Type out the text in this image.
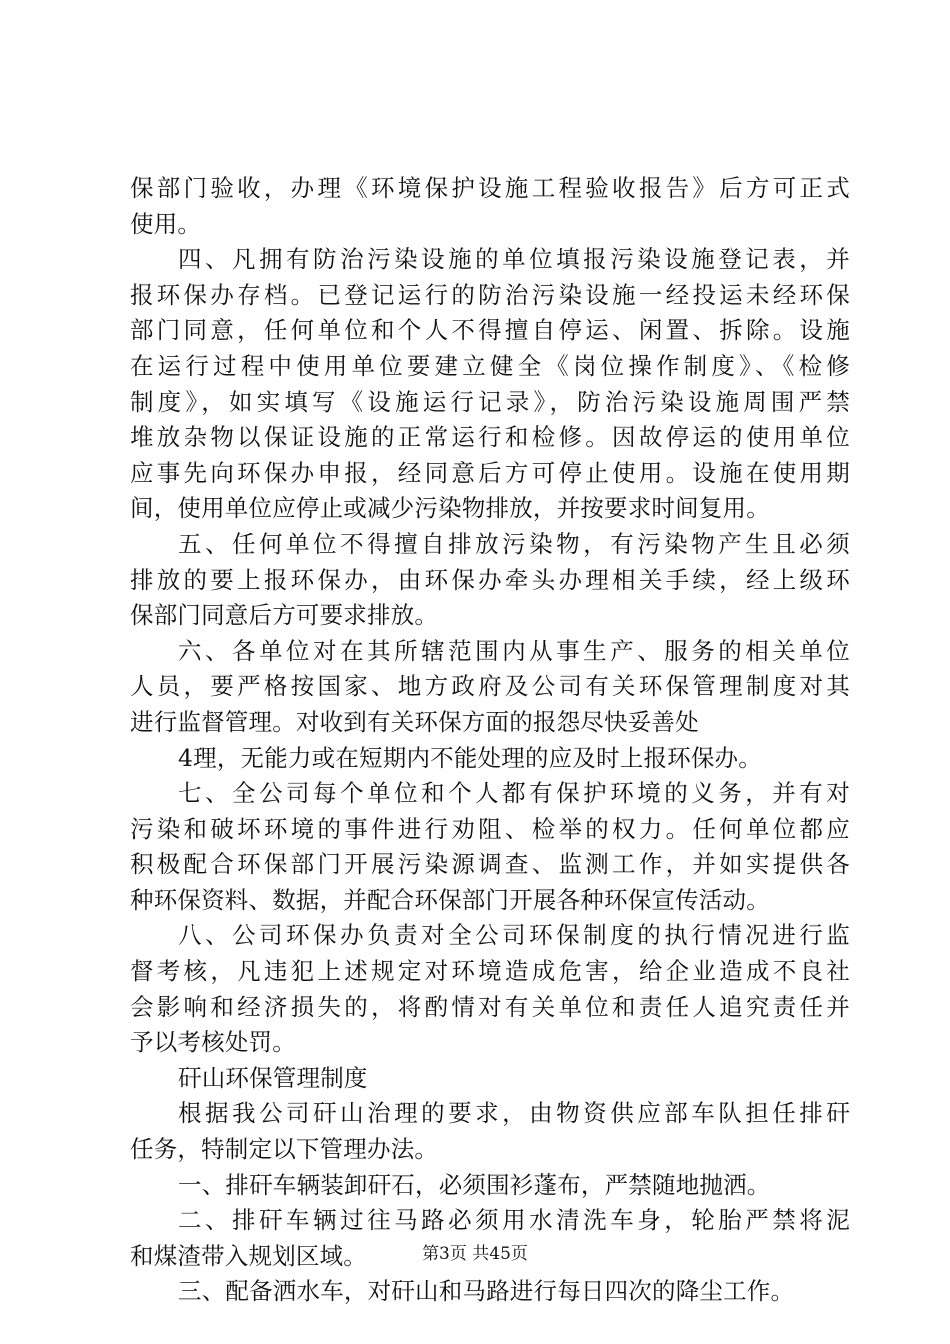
保部门验收，办理《环境保护设施工程验收报告》后方可正式
使用。
四、凡拥有防治污染设施的单位填报污染设施登记表，并
报环保办存档。已登记运行的防治污染设施一经投运未经环保
部门同意，任何单位和个人不得擅自停运、闲置、拆除。设施
在运行过程中使用单位要建立健全《岗位操作制度》、《检修
制度》，如实填写《设施运行记录》，防治污染设施周围严禁
堆放杂物以保证设施的正常运行和检修。因故停运的使用单位
应事先向环保办申报，经同意后方可停止使用。设施在使用期
间，使用单位应停止或减少污染物排放，并按要求时间复用。
五、任何单位不得擅自排放污染物，有污染物产生且必须
排放的要上报环保办，由环保办牵头办理相关手续，经上级环
保部门同意后方可要求排放。
六、各单位对在其所辖范围内从事生产、服务的相关单位
人员，要严格按国家、地方政府及公司有关环保管理制度对其
进行监督管理。对收到有关环保方面的报怨尽快妥善处
4理，无能力或在短期内不能处理的应及时上报环保办。
七、全公司每个单位和个人都有保护环境的义务，并有对
污染和破坏环境的事件进行劝阻、检举的权力。任何单位都应
积极配合环保部门开展污染源调查、监测工作，并如实提供各
种环保资料、数据，并配合环保部门开展各种环保宣传活动。
八、公司环保办负责对全公司环保制度的执行情况进行监
督考核，凡违犯上述规定对环境造成危害，给企业造成不良社
会影响和经济损失的，将酌情对有关单位和责任人追究责任并
予以考核处罚。
矸山环保管理制度
根据我公司矸山治理的要求，由物资供应部车队担任排矸
任务，特制定以下管理办法。
一、排矸车辆装卸矸石，必须围衫蓬布，严禁随地抛洒。
二、排矸车辆过往马路必须用水清洗车身，轮胎严禁将泥
和煤渣带入规划区域。
三、配备洒水车，对矸山和马路进行每日四次的降尘工作。
第3页 共45页
